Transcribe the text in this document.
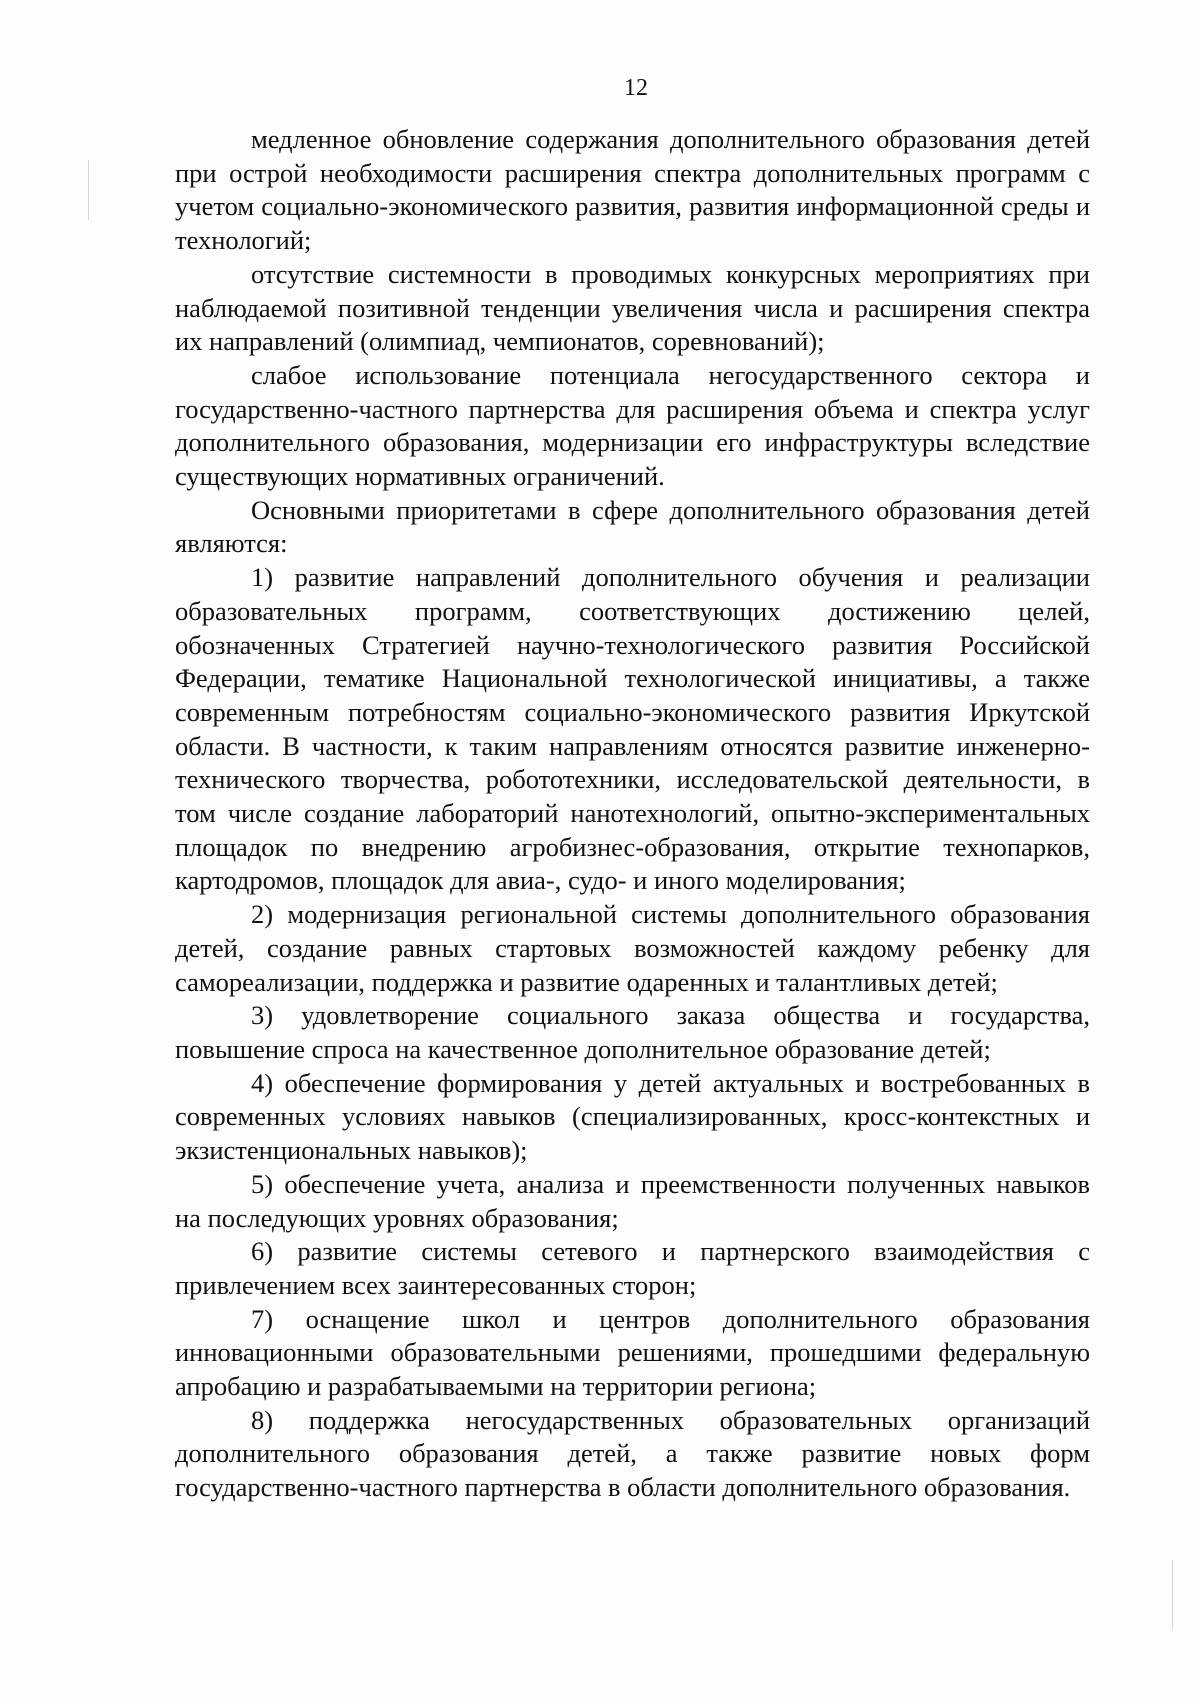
12

медленное обновление содержания дополнительного образования детей при острой необходимости расширения спектра дополнительных программ с учетом социально-экономического развития, развития информационной среды и технологий;

отсутствие системности в проводимых конкурсных мероприятиях при наблюдаемой позитивной тенденции увеличения числа и расширения спектра их направлений (олимпиад, чемпионатов, соревнований);

слабое использование потенциала негосударственного сектора и государственно-частного партнерства для расширения объема и спектра услуг дополнительного образования, модернизации его инфраструктуры вследствие существующих нормативных ограничений.

Основными приоритетами в сфере дополнительного образования детей являются:

1) развитие направлений дополнительного обучения и реализации образовательных программ, соответствующих достижению целей, обозначенных Стратегией научно-технологического развития Российской Федерации, тематике Национальной технологической инициативы, а также современным потребностям социально-экономического развития Иркутской области. В частности, к таким направлениям относятся развитие инженерно-технического творчества, робототехники, исследовательской деятельности, в том числе создание лабораторий нанотехнологий, опытно-экспериментальных площадок по внедрению агробизнес-образования, открытие технопарков, картодромов, площадок для авиа-, судо- и иного моделирования;

2) модернизация региональной системы дополнительного образования детей, создание равных стартовых возможностей каждому ребенку для самореализации, поддержка и развитие одаренных и талантливых детей;

3) удовлетворение социального заказа общества и государства, повышение спроса на качественное дополнительное образование детей;

4) обеспечение формирования у детей актуальных и востребованных в современных условиях навыков (специализированных, кросс-контекстных и экзистенциональных навыков);

5) обеспечение учета, анализа и преемственности полученных навыков на последующих уровнях образования;

6) развитие системы сетевого и партнерского взаимодействия с привлечением всех заинтересованных сторон;

7) оснащение школ и центров дополнительного образования инновационными образовательными решениями, прошедшими федеральную апробацию и разрабатываемыми на территории региона;

8) поддержка негосударственных образовательных организаций дополнительного образования детей, а также развитие новых форм государственно-частного партнерства в области дополнительного образования.
